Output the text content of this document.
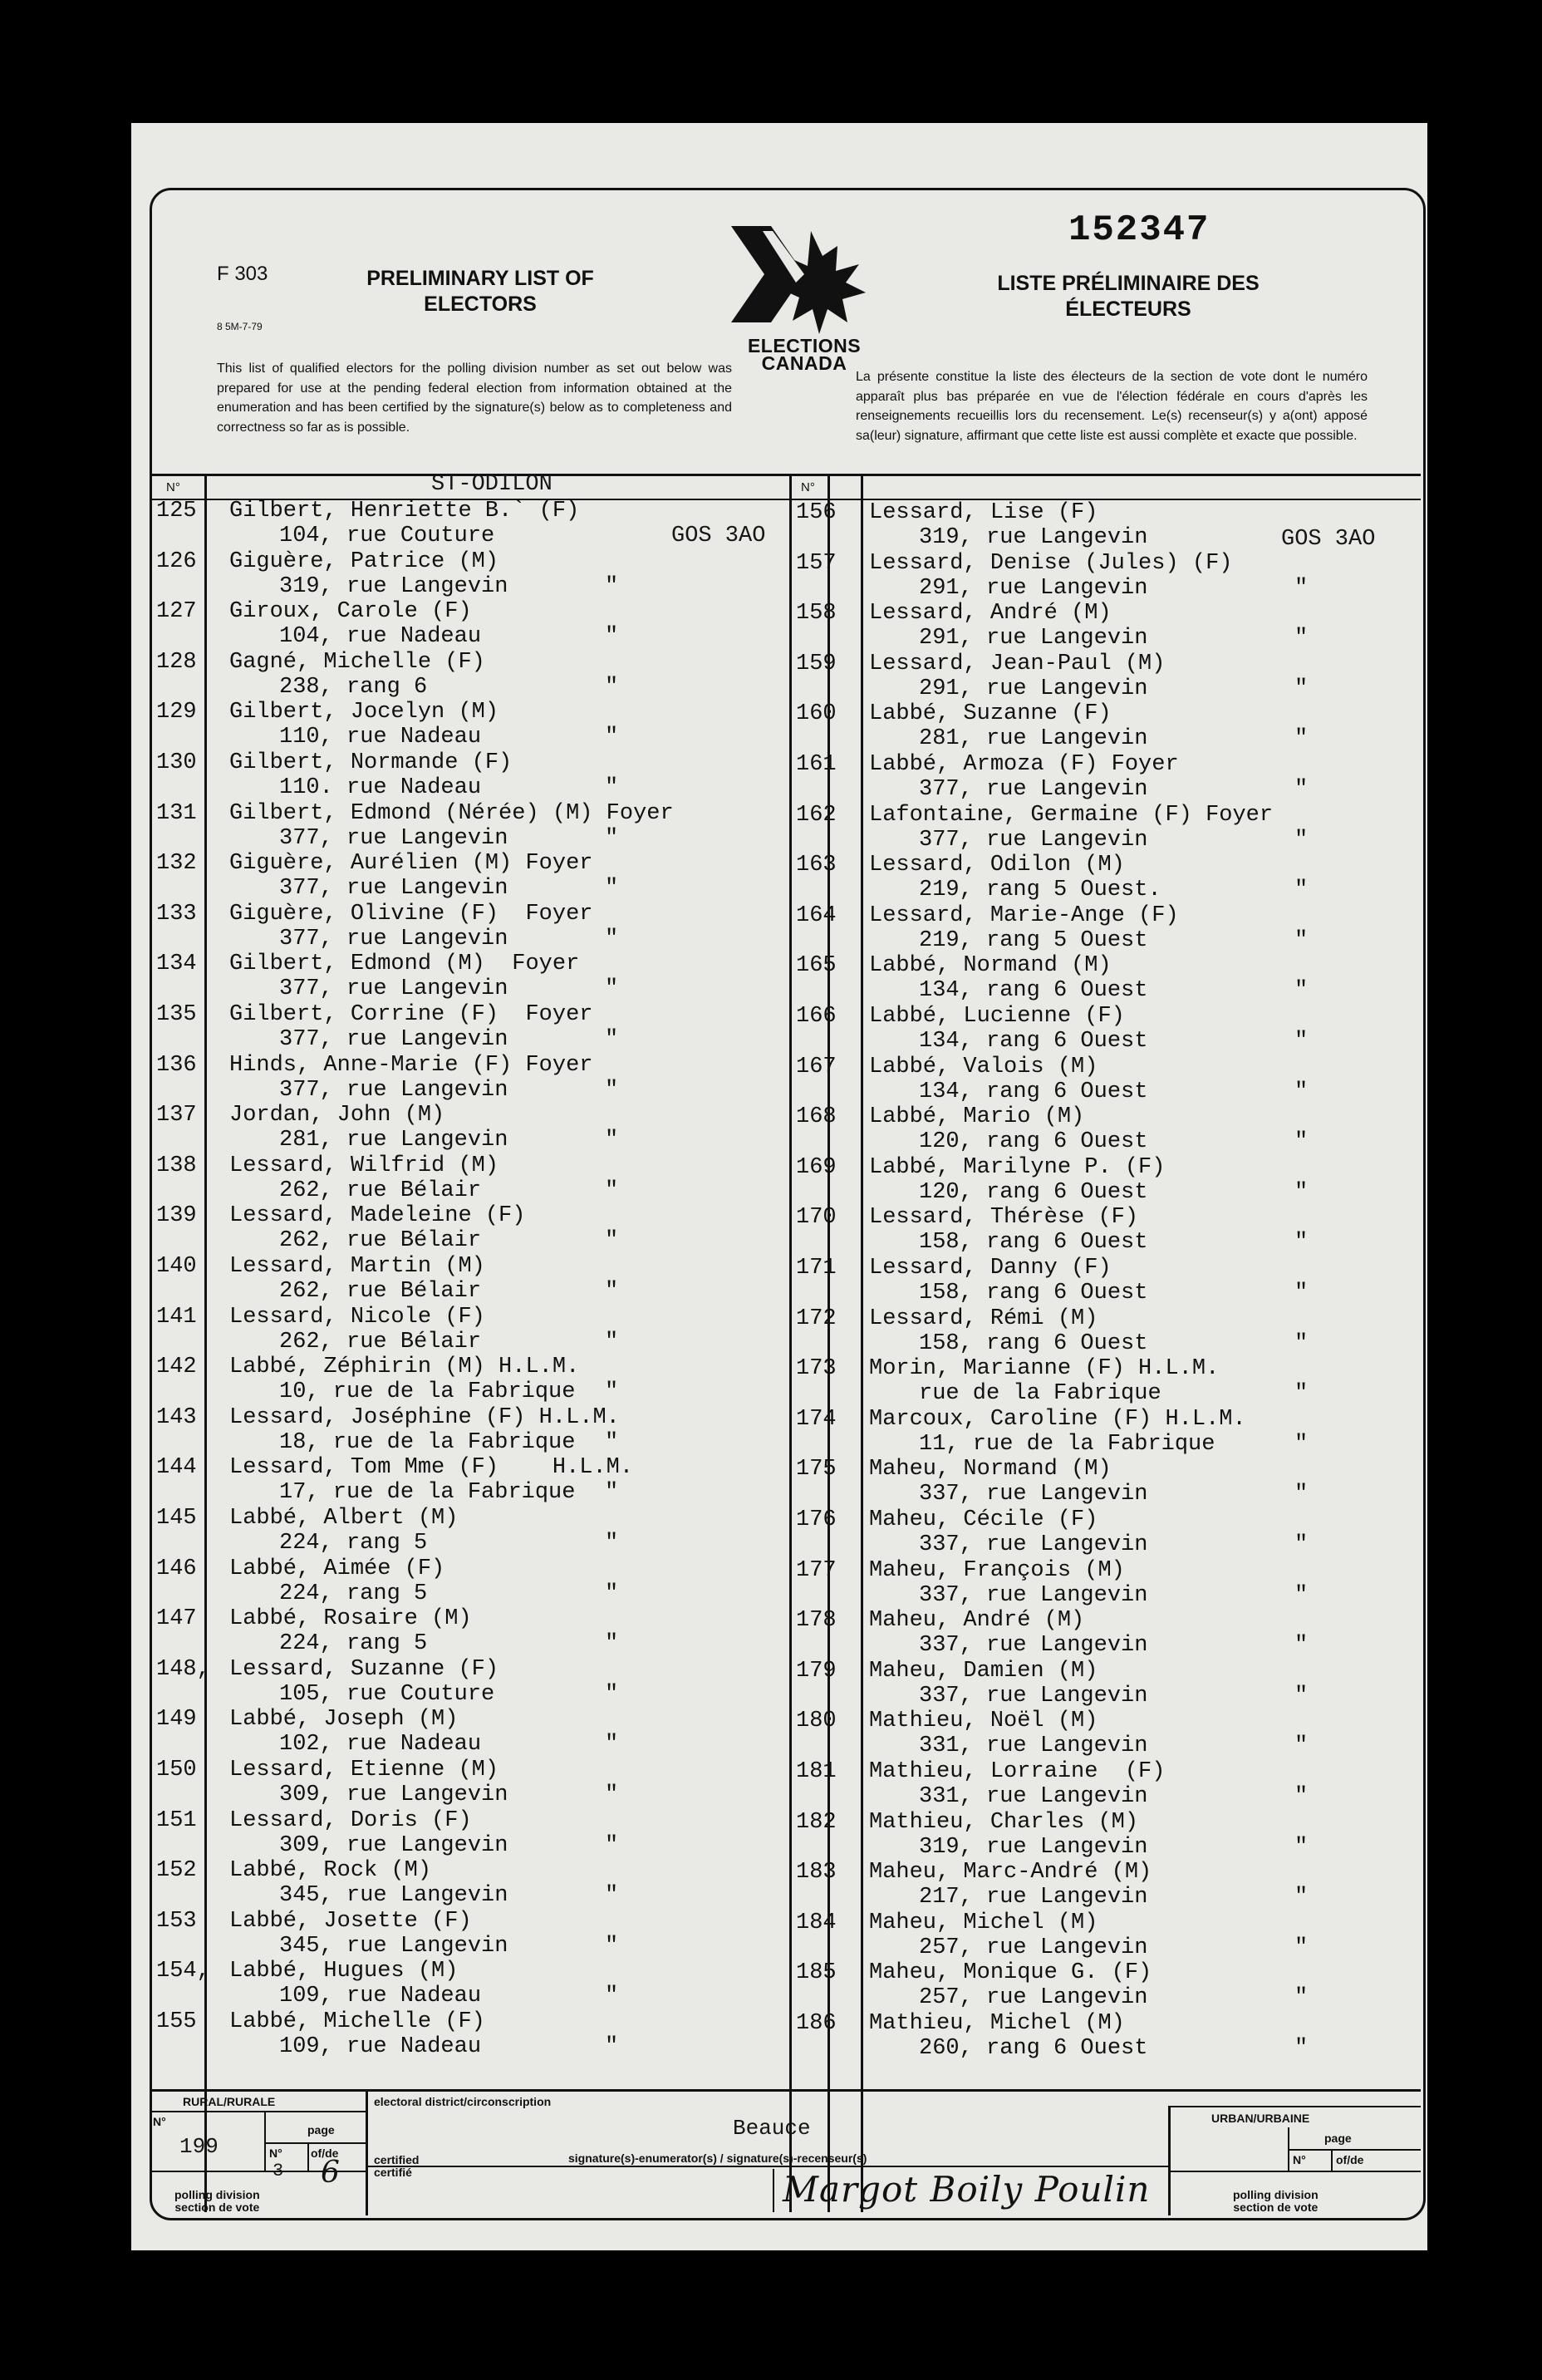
F 303
8 5M-7-79
PRELIMINARY LIST OF
ELECTORS
ELECTIONS
CANADA
152347
LISTE PRÉLIMINAIRE DES
ÉLECTEURS
This list of qualified electors for the polling division number as set out below was prepared for use at the pending federal election from information obtained at the enumeration and has been certified by the signature(s) below as to completeness and correctness so far as is possible.
La présente constitue la liste des électeurs de la section de vote dont le numéro apparaît plus bas préparée en vue de l'élection fédérale en cours d'après les renseignements recueillis lors du recensement. Le(s) recenseur(s) y a(ont) apposé sa(leur) signature, affirmant que cette liste est aussi complète et exacte que possible.
N°	N°
ST-ODILON
125 Gilbert, Henriette B.` (F)
104, rue Couture
126 Giguère, Patrice (M)
319, rue Langevin	"
127 Giroux, Carole (F)
104, rue Nadeau	"
128 Gagné, Michelle (F)
238, rang 6	"
129 Gilbert, Jocelyn (M)
110, rue Nadeau	"
130 Gilbert, Normande (F)
110. rue Nadeau	"
131 Gilbert, Edmond (Nérée) (M) Foyer
377, rue Langevin	"
132 Giguère, Aurélien (M) Foyer
377, rue Langevin	"
133 Giguère, Olivine (F)  Foyer
377, rue Langevin	"
134 Gilbert, Edmond (M)  Foyer
377, rue Langevin	"
135 Gilbert, Corrine (F)  Foyer
377, rue Langevin	"
136 Hinds, Anne-Marie (F) Foyer
377, rue Langevin	"
137 Jordan, John (M)
281, rue Langevin	"
138 Lessard, Wilfrid (M)
262, rue Bélair	"
139 Lessard, Madeleine (F)
262, rue Bélair	"
140 Lessard, Martin (M)
262, rue Bélair	"
141 Lessard, Nicole (F)
262, rue Bélair	"
142 Labbé, Zéphirin (M) H.L.M.
10, rue de la Fabrique "
143 Lessard, Joséphine (F) H.L.M.
18, rue de la Fabrique "
144 Lessard, Tom Mme (F)    H.L.M.
17, rue de la Fabrique "
145 Labbé, Albert (M)
224, rang 5	"
146 Labbé, Aimée (F)
224, rang 5	"
147 Labbé, Rosaire (M)
224, rang 5	"
148, Lessard, Suzanne (F)
105, rue Couture	"
149 Labbé, Joseph (M)
102, rue Nadeau	"
150 Lessard, Etienne (M)
309, rue Langevin	"
151 Lessard, Doris (F)
309, rue Langevin	"
152 Labbé, Rock (M)
345, rue Langevin	"
153 Labbé, Josette (F)
345, rue Langevin	"
154, Labbé, Hugues (M)
109, rue Nadeau	"
155 Labbé, Michelle (F)
109, rue Nadeau	"
156 Lessard, Lise (F)
319, rue Langevin
157 Lessard, Denise (Jules) (F)
291, rue Langevin	"
158 Lessard, André (M)
291, rue Langevin	"
159 Lessard, Jean-Paul (M)
291, rue Langevin	"
160 Labbé, Suzanne (F)
281, rue Langevin	"
161 Labbé, Armoza (F) Foyer
377, rue Langevin	"
162 Lafontaine, Germaine (F) Foyer
377, rue Langevin	"
163 Lessard, Odilon (M)
219, rang 5 Ouest.	"
164 Lessard, Marie-Ange (F)
219, rang 5 Ouest	"
165 Labbé, Normand (M)
134, rang 6 Ouest	"
166 Labbé, Lucienne (F)
134, rang 6 Ouest	"
167 Labbé, Valois (M)
134, rang 6 Ouest	"
168 Labbé, Mario (M)
120, rang 6 Ouest	"
169 Labbé, Marilyne P. (F)
120, rang 6 Ouest	"
170 Lessard, Thérèse (F)
158, rang 6 Ouest	"
171 Lessard, Danny (F)
158, rang 6 Ouest	"
172 Lessard, Rémi (M)
158, rang 6 Ouest	"
173 Morin, Marianne (F) H.L.M.
rue de la Fabrique	"
174 Marcoux, Caroline (F) H.L.M.
11, rue de la Fabrique	"
175 Maheu, Normand (M)
337, rue Langevin	"
176 Maheu, Cécile (F)
337, rue Langevin	"
177 Maheu, François (M)
337, rue Langevin	"
178 Maheu, André (M)
337, rue Langevin	"
179 Maheu, Damien (M)
337, rue Langevin	"
180 Mathieu, Noël (M)
331, rue Langevin	"
181 Mathieu, Lorraine  (F)
331, rue Langevin	"
182 Mathieu, Charles (M)
319, rue Langevin	"
183 Maheu, Marc-André (M)
217, rue Langevin	"
184 Maheu, Michel (M)
257, rue Langevin	"
185 Maheu, Monique G. (F)
257, rue Langevin	"
186 Mathieu, Michel (M)
260, rang 6 Ouest	"
GOS 3AO	GOS 3AO
RURAL/RURALE
N°
199
page
N°
3
of/de
6
polling division
section de vote
electoral district/circonscription
Beauce
certified
certifié
signature(s)-enumerator(s) / signature(s)-recenseur(s)
Margot Boily Poulin
URBAN/URBAINE
page
N°	of/de
polling division
section de vote
